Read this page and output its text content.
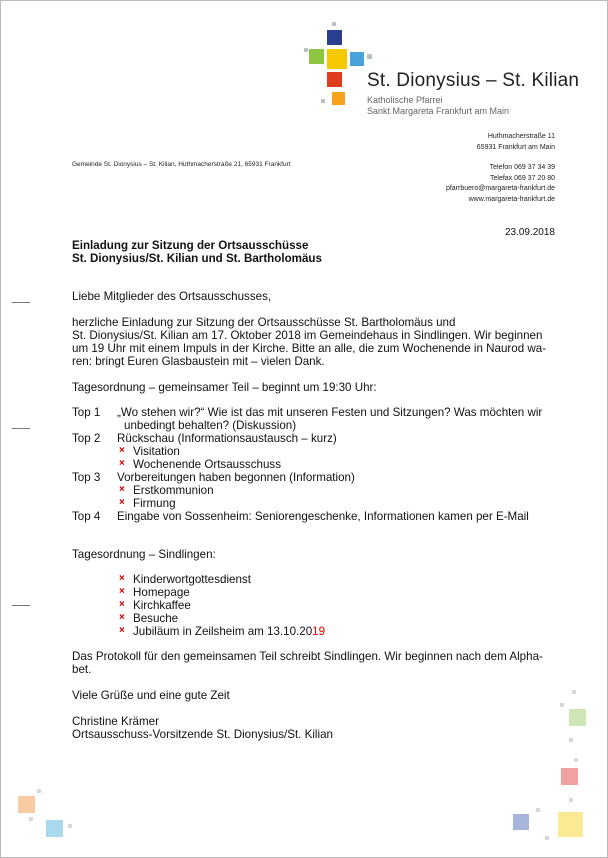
St. Dionysius – St. Kilian
Katholische Pfarrei
Sankt Margareta Frankfurt am Main
Huthmacherstraße 11
65931 Frankfurt am Main
Telefon 069 37 34 39
Telefax 069 37 20 80
pfarrbuero@margareta-frankfurt.de
www.margareta-frankfurt.de
Gemeinde St. Dionysius – St. Kilian, Huthmacherstraße 21, 65931 Frankfurt
23.09.2018
Einladung zur Sitzung der Ortsausschüsse
St. Dionysius/St. Kilian und St. Bartholomäus
Liebe Mitglieder des Ortsausschusses,
herzliche Einladung zur Sitzung der Ortsausschüsse St. Bartholomäus und
St. Dionysius/St. Kilian am 17. Oktober 2018 im Gemeindehaus in Sindlingen. Wir beginnen
um 19 Uhr mit einem Impuls in der Kirche. Bitte an alle, die zum Wochenende in Naurod wa-
ren: bringt Euren Glasbaustein mit – vielen Dank.
Tagesordnung – gemeinsamer Teil – beginnt um 19:30 Uhr:
Top 1 „Wo stehen wir?“ Wie ist das mit unseren Festen und Sitzungen? Was möchten wir
unbedingt behalten? (Diskussion)
Top 2 Rückschau (Informationsaustausch – kurz)
× Visitation
× Wochenende Ortsausschuss
Top 3 Vorbereitungen haben begonnen (Information)
× Erstkommunion
× Firmung
Top 4 Eingabe von Sossenheim: Seniorengeschenke, Informationen kamen per E-Mail
Tagesordnung – Sindlingen:
× Kinderwortgottesdienst
× Homepage
× Kirchkaffee
× Besuche
× Jubiläum in Zeilsheim am 13.10.2019
Das Protokoll für den gemeinsamen Teil schreibt Sindlingen. Wir beginnen nach dem Alpha-
bet.
Viele Grüße und eine gute Zeit
Christine Krämer
Ortsausschuss-Vorsitzende St. Dionysius/St. Kilian
